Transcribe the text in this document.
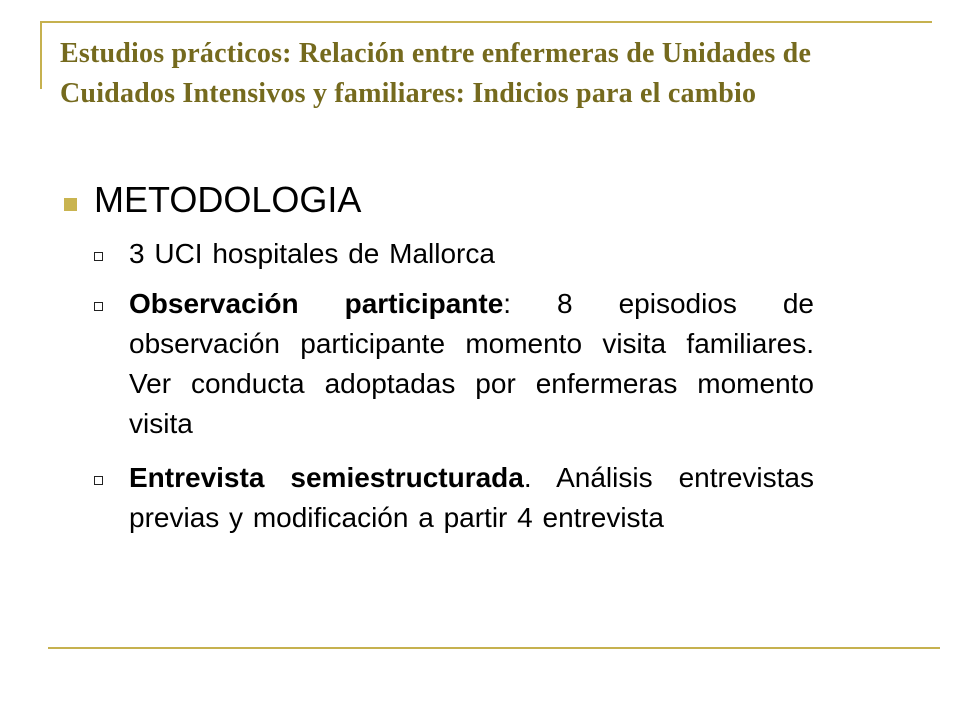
Estudios prácticos: Relación entre enfermeras de Unidades de Cuidados Intensivos y familiares: Indicios para el cambio
METODOLOGIA
3 UCI hospitales de Mallorca
Observación participante: 8 episodios de observación participante momento visita familiares. Ver conducta adoptadas por enfermeras momento visita
Entrevista semiestructurada. Análisis entrevistas previas y modificación a partir 4 entrevista
